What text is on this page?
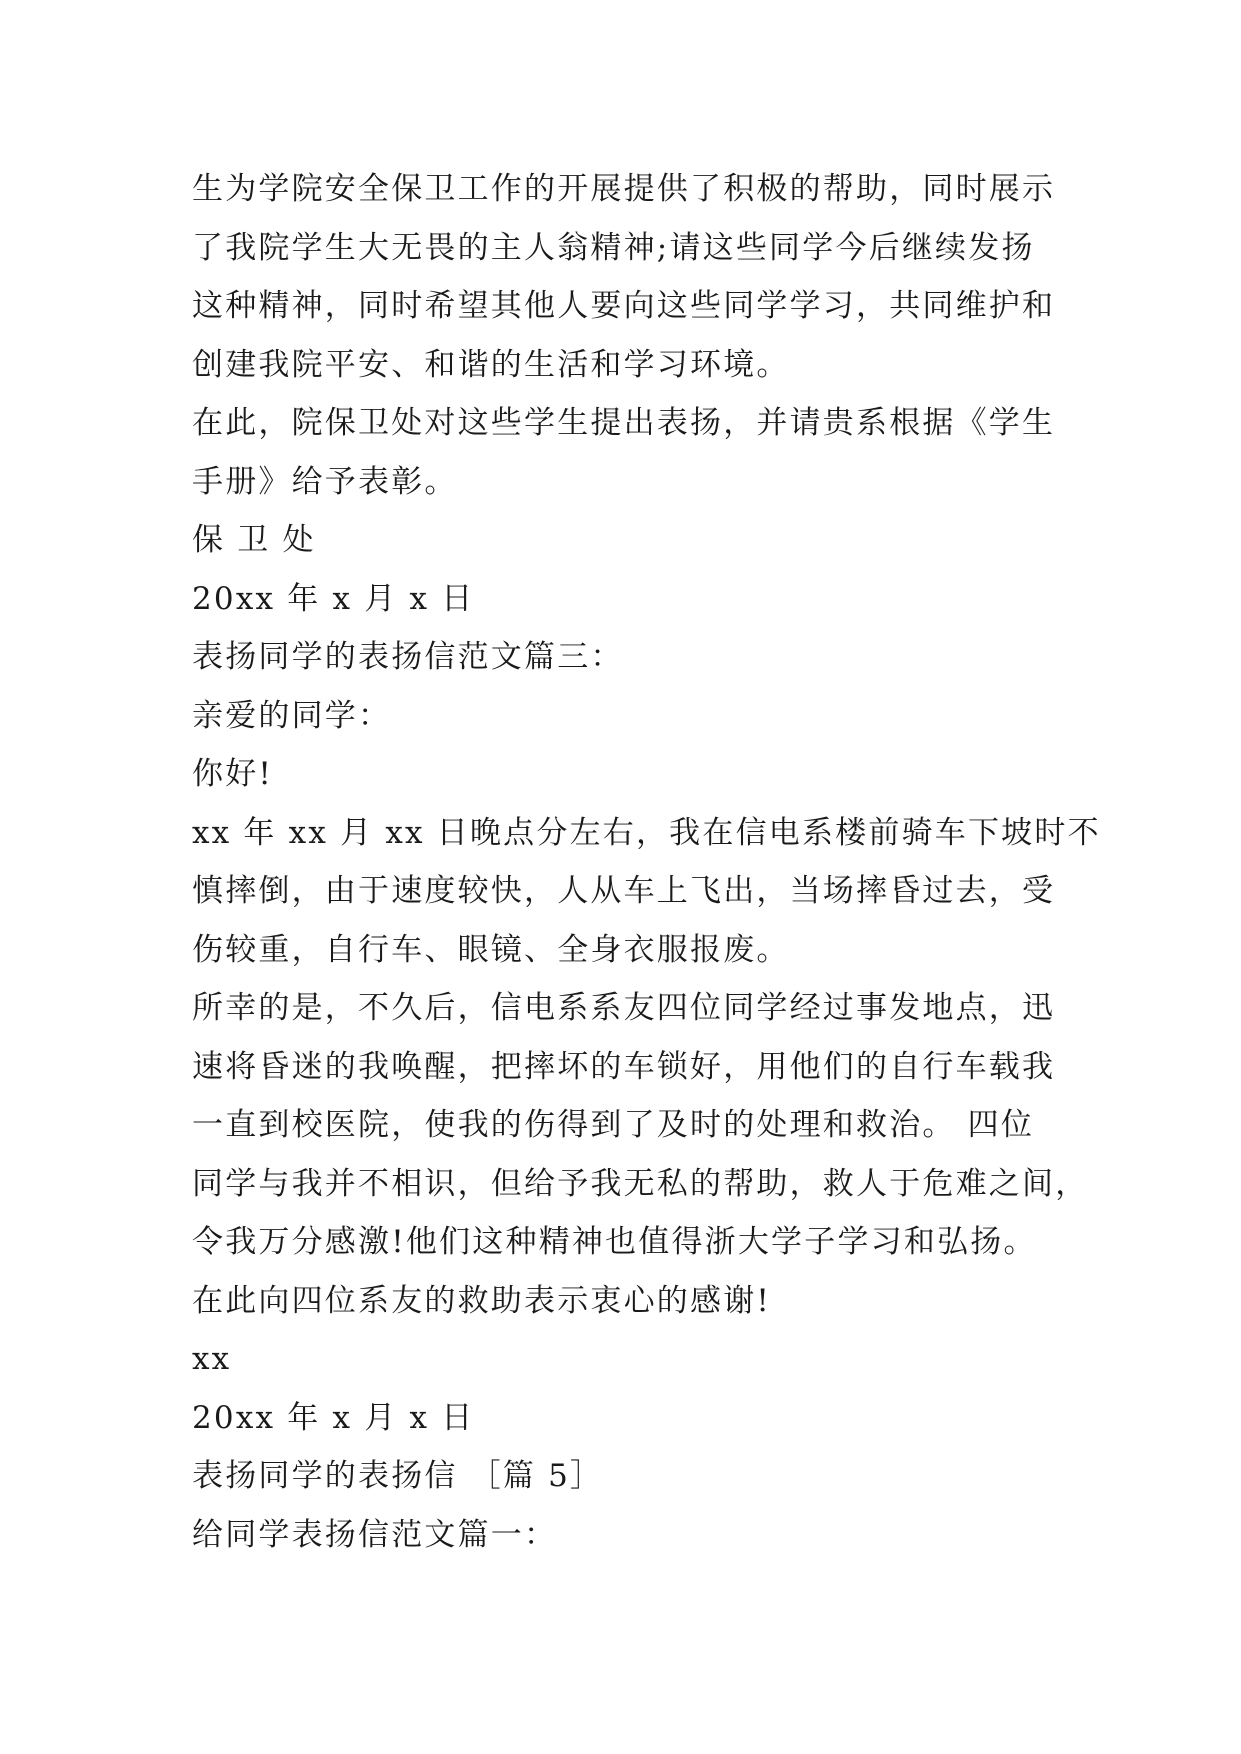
生为学院安全保卫工作的开展提供了积极的帮助，同时展示
了我院学生大无畏的主人翁精神;请这些同学今后继续发扬
这种精神，同时希望其他人要向这些同学学习，共同维护和
创建我院平安、和谐的生活和学习环境。
在此，院保卫处对这些学生提出表扬，并请贵系根据《学生
手册》给予表彰。
保 卫 处
20xx 年 x 月 x 日
表扬同学的表扬信范文篇三：
亲爱的同学：
你好!
xx 年 xx 月 xx 日晚点分左右，我在信电系楼前骑车下坡时不
慎摔倒，由于速度较快，人从车上飞出，当场摔昏过去，受
伤较重，自行车、眼镜、全身衣服报废。
所幸的是，不久后，信电系系友四位同学经过事发地点，迅
速将昏迷的我唤醒，把摔坏的车锁好，用他们的自行车载我
一直到校医院，使我的伤得到了及时的处理和救治。 四位
同学与我并不相识，但给予我无私的帮助，救人于危难之间，
令我万分感激!他们这种精神也值得浙大学子学习和弘扬。
在此向四位系友的救助表示衷心的感谢!
xx
20xx 年 x 月 x 日
表扬同学的表扬信 ［篇 5］
给同学表扬信范文篇一：
